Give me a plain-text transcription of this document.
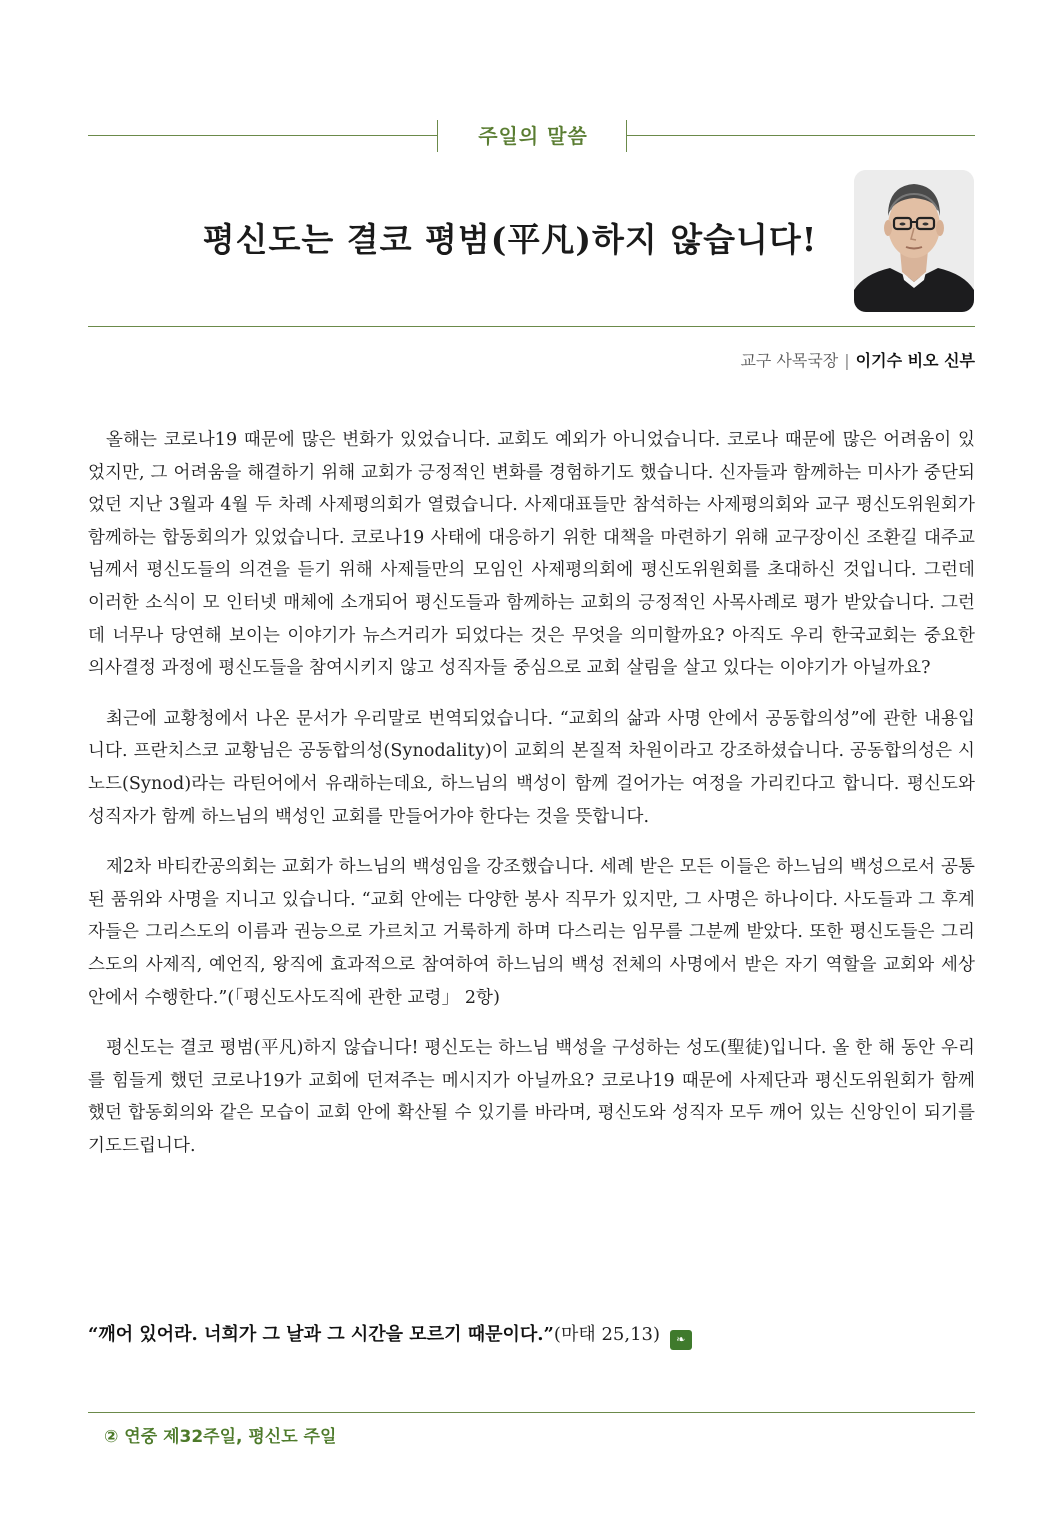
주일의 말씀
평신도는 결코 평범(平凡)하지 않습니다!
교구 사목국장 | 이기수 비오 신부

올해는 코로나19 때문에 많은 변화가 있었습니다. 교회도 예외가 아니었습니다. 코로나 때문에 많은 어려움이 있었지만, 그 어려움을 해결하기 위해 교회가 긍정적인 변화를 경험하기도 했습니다. 신자들과 함께하는 미사가 중단되었던 지난 3월과 4월 두 차례 사제평의회가 열렸습니다. 사제대표들만 참석하는 사제평의회와 교구 평신도위원회가 함께하는 합동회의가 있었습니다. 코로나19 사태에 대응하기 위한 대책을 마련하기 위해 교구장이신 조환길 대주교님께서 평신도들의 의견을 듣기 위해 사제들만의 모임인 사제평의회에 평신도위원회를 초대하신 것입니다. 그런데 이러한 소식이 모 인터넷 매체에 소개되어 평신도들과 함께하는 교회의 긍정적인 사목사례로 평가 받았습니다. 그런데 너무나 당연해 보이는 이야기가 뉴스거리가 되었다는 것은 무엇을 의미할까요? 아직도 우리 한국교회는 중요한 의사결정 과정에 평신도들을 참여시키지 않고 성직자들 중심으로 교회 살림을 살고 있다는 이야기가 아닐까요?

최근에 교황청에서 나온 문서가 우리말로 번역되었습니다. “교회의 삶과 사명 안에서 공동합의성”에 관한 내용입니다. 프란치스코 교황님은 공동합의성(Synodality)이 교회의 본질적 차원이라고 강조하셨습니다. 공동합의성은 시노드(Synod)라는 라틴어에서 유래하는데요, 하느님의 백성이 함께 걸어가는 여정을 가리킨다고 합니다. 평신도와 성직자가 함께 하느님의 백성인 교회를 만들어가야 한다는 것을 뜻합니다.

제2차 바티칸공의회는 교회가 하느님의 백성임을 강조했습니다. 세례 받은 모든 이들은 하느님의 백성으로서 공통된 품위와 사명을 지니고 있습니다. “교회 안에는 다양한 봉사 직무가 있지만, 그 사명은 하나이다. 사도들과 그 후계자들은 그리스도의 이름과 권능으로 가르치고 거룩하게 하며 다스리는 임무를 그분께 받았다. 또한 평신도들은 그리스도의 사제직, 예언직, 왕직에 효과적으로 참여하여 하느님의 백성 전체의 사명에서 받은 자기 역할을 교회와 세상 안에서 수행한다.”(「평신도사도직에 관한 교령」 2항)

평신도는 결코 평범(平凡)하지 않습니다! 평신도는 하느님 백성을 구성하는 성도(聖徒)입니다. 올 한 해 동안 우리를 힘들게 했던 코로나19가 교회에 던져주는 메시지가 아닐까요? 코로나19 때문에 사제단과 평신도위원회가 함께했던 합동회의와 같은 모습이 교회 안에 확산될 수 있기를 바라며, 평신도와 성직자 모두 깨어 있는 신앙인이 되기를 기도드립니다.

“깨어 있어라. 너희가 그 날과 그 시간을 모르기 때문이다.”(마태 25,13) ❧
② 연중 제32주일, 평신도 주일
